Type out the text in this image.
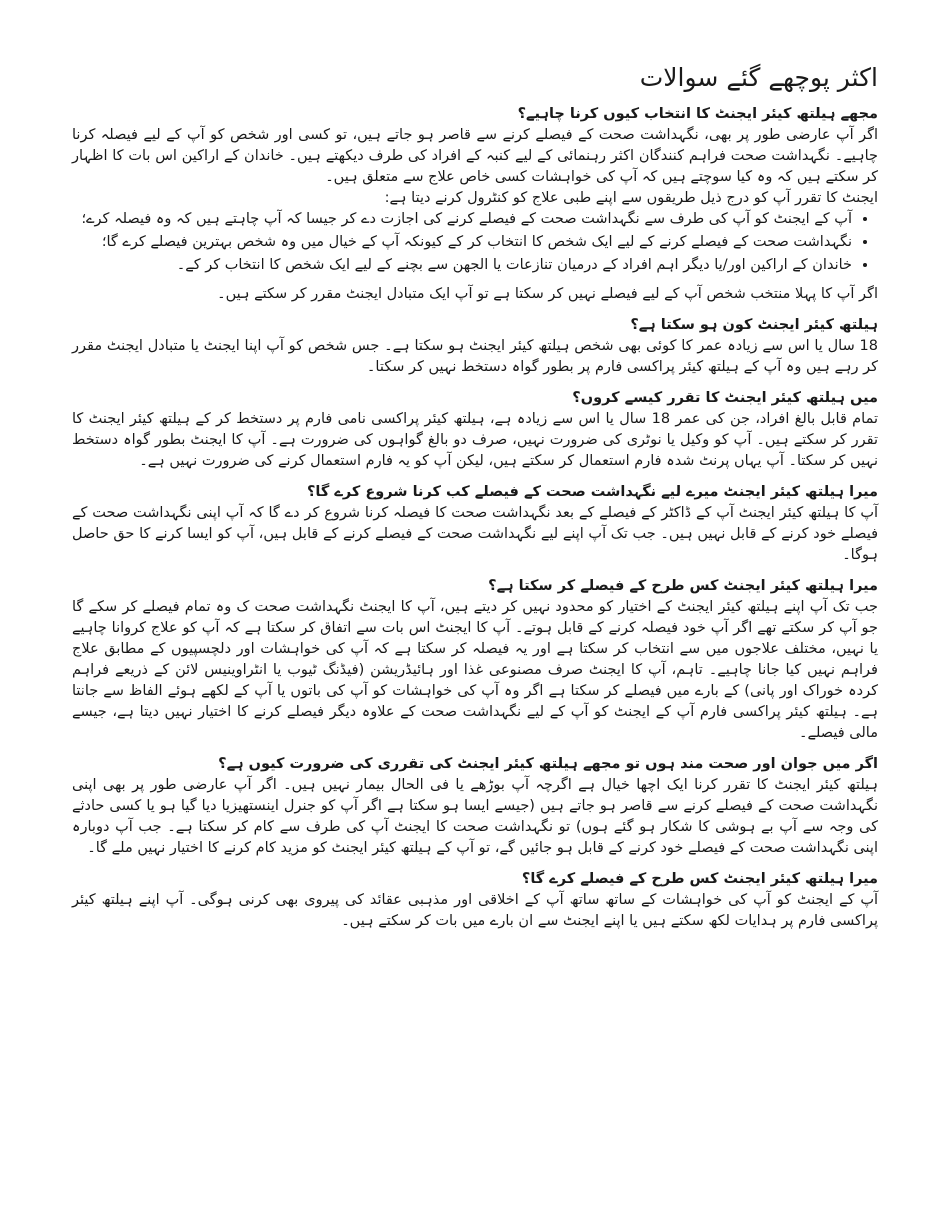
اکثر پوچھے گئے سوالات

مجھے ہیلتھ کیئر ایجنٹ کا انتخاب کیوں کرنا چاہیے؟

اگر آپ عارضی طور پر بھی، نگہداشت صحت کے فیصلے کرنے سے قاصر ہو جاتے ہیں، تو کسی اور شخص کو آپ کے لیے فیصلہ کرنا چاہیے۔ نگہداشت صحت فراہم کنندگان اکثر رہنمائی کے لیے کنبہ کے افراد کی طرف دیکھتے ہیں۔ خاندان کے اراکین اس بات کا اظہار کر سکتے ہیں کہ وہ کیا سوچتے ہیں کہ آپ کی خواہشات کسی خاص علاج سے متعلق ہیں۔

ایجنٹ کا تقرر آپ کو درج ذیل طریقوں سے اپنے طبی علاج کو کنٹرول کرنے دیتا ہے:

• آپ کے ایجنٹ کو آپ کی طرف سے نگہداشت صحت کے فیصلے کرنے کی اجازت دے کر جیسا کہ آپ چاہتے ہیں کہ وہ فیصلہ کرے؛
• نگہداشت صحت کے فیصلے کرنے کے لیے ایک شخص کا انتخاب کر کے کیونکہ آپ کے خیال میں وہ شخص بہترین فیصلے کرے گا؛
• خاندان کے اراکین اور/یا دیگر اہم افراد کے درمیان تنازعات یا الجھن سے بچنے کے لیے ایک شخص کا انتخاب کر کے۔

اگر آپ کا پہلا منتخب شخص آپ کے لیے فیصلے نہیں کر سکتا ہے تو آپ ایک متبادل ایجنٹ مقرر کر سکتے ہیں۔

ہیلتھ کیئر ایجنٹ کون ہو سکتا ہے؟

18 سال یا اس سے زیادہ عمر کا کوئی بھی شخص ہیلتھ کیئر ایجنٹ ہو سکتا ہے۔ جس شخص کو آپ اپنا ایجنٹ یا متبادل ایجنٹ مقرر کر رہے ہیں وہ آپ کے ہیلتھ کیئر پراکسی فارم پر بطور گواہ دستخط نہیں کر سکتا۔

میں ہیلتھ کیئر ایجنٹ کا تقرر کیسے کروں؟

تمام قابل بالغ افراد، جن کی عمر 18 سال یا اس سے زیادہ ہے، ہیلتھ کیئر پراکسی نامی فارم پر دستخط کر کے ہیلتھ کیئر ایجنٹ کا تقرر کر سکتے ہیں۔ آپ کو وکیل یا نوٹری کی ضرورت نہیں، صرف دو بالغ گواہوں کی ضرورت ہے۔ آپ کا ایجنٹ بطور گواہ دستخط نہیں کر سکتا۔ آپ یہاں پرنٹ شدہ فارم استعمال کر سکتے ہیں، لیکن آپ کو یہ فارم استعمال کرنے کی ضرورت نہیں ہے۔

میرا ہیلتھ کیئر ایجنٹ میرے لیے نگہداشت صحت کے فیصلے کب کرنا شروع کرے گا؟

آپ کا ہیلتھ کیئر ایجنٹ آپ کے ڈاکٹر کے فیصلے کے بعد نگہداشت صحت کا فیصلہ کرنا شروع کر دے گا کہ آپ اپنی نگہداشت صحت کے فیصلے خود کرنے کے قابل نہیں ہیں۔ جب تک آپ اپنے لیے نگہداشت صحت کے فیصلے کرنے کے قابل ہیں، آپ کو ایسا کرنے کا حق حاصل ہوگا۔

میرا ہیلتھ کیئر ایجنٹ کس طرح کے فیصلے کر سکتا ہے؟

جب تک آپ اپنے ہیلتھ کیئر ایجنٹ کے اختیار کو محدود نہیں کر دیتے ہیں، آپ کا ایجنٹ نگہداشت صحت ک وہ تمام فیصلے کر سکے گا جو آپ کر سکتے تھے اگر آپ خود فیصلہ کرنے کے قابل ہوتے۔ آپ کا ایجنٹ اس بات سے اتفاق کر سکتا ہے کہ آپ کو علاج کروانا چاہیے یا نہیں، مختلف علاجوں میں سے انتخاب کر سکتا ہے اور یہ فیصلہ کر سکتا ہے کہ آپ کی خواہشات اور دلچسپیوں کے مطابق علاج فراہم نہیں کیا جانا چاہیے۔ تاہم، آپ کا ایجنٹ صرف مصنوعی غذا اور ہائیڈریشن (فیڈنگ ٹیوب یا انٹراوینیس لائن کے ذریعے فراہم کردہ خوراک اور پانی) کے بارے میں فیصلے کر سکتا ہے اگر وہ آپ کی خواہشات کو آپ کی باتوں یا آپ کے لکھے ہوئے الفاظ سے جانتا ہے۔ ہیلتھ کیئر پراکسی فارم آپ کے ایجنٹ کو آپ کے لیے نگہداشت صحت کے علاوہ دیگر فیصلے کرنے کا اختیار نہیں دیتا ہے، جیسے مالی فیصلے۔

اگر میں جوان اور صحت مند ہوں تو مجھے ہیلتھ کیئر ایجنٹ کی تقرری کی ضرورت کیوں ہے؟

ہیلتھ کیئر ایجنٹ کا تقرر کرنا ایک اچھا خیال ہے اگرچہ آپ بوڑھے یا فی الحال بیمار نہیں ہیں۔ اگر آپ عارضی طور پر بھی اپنی نگہداشت صحت کے فیصلے کرنے سے قاصر ہو جاتے ہیں (جیسے ایسا ہو سکتا ہے اگر آپ کو جنرل اینستھیزیا دیا گیا ہو یا کسی حادثے کی وجہ سے آپ بے ہوشی کا شکار ہو گئے ہوں) تو نگہداشت صحت کا ایجنٹ آپ کی طرف سے کام کر سکتا ہے۔ جب آپ دوبارہ اپنی نگہداشت صحت کے فیصلے خود کرنے کے قابل ہو جائیں گے، تو آپ کے ہیلتھ کیئر ایجنٹ کو مزید کام کرنے کا اختیار نہیں ملے گا۔

میرا ہیلتھ کیئر ایجنٹ کس طرح کے فیصلے کرے گا؟

آپ کے ایجنٹ کو آپ کی خواہشات کے ساتھ ساتھ آپ کے اخلاقی اور مذہبی عقائد کی پیروی بھی کرنی ہوگی۔ آپ اپنے ہیلتھ کیئر پراکسی فارم پر ہدایات لکھ سکتے ہیں یا اپنے ایجنٹ سے ان بارے میں بات کر سکتے ہیں۔
